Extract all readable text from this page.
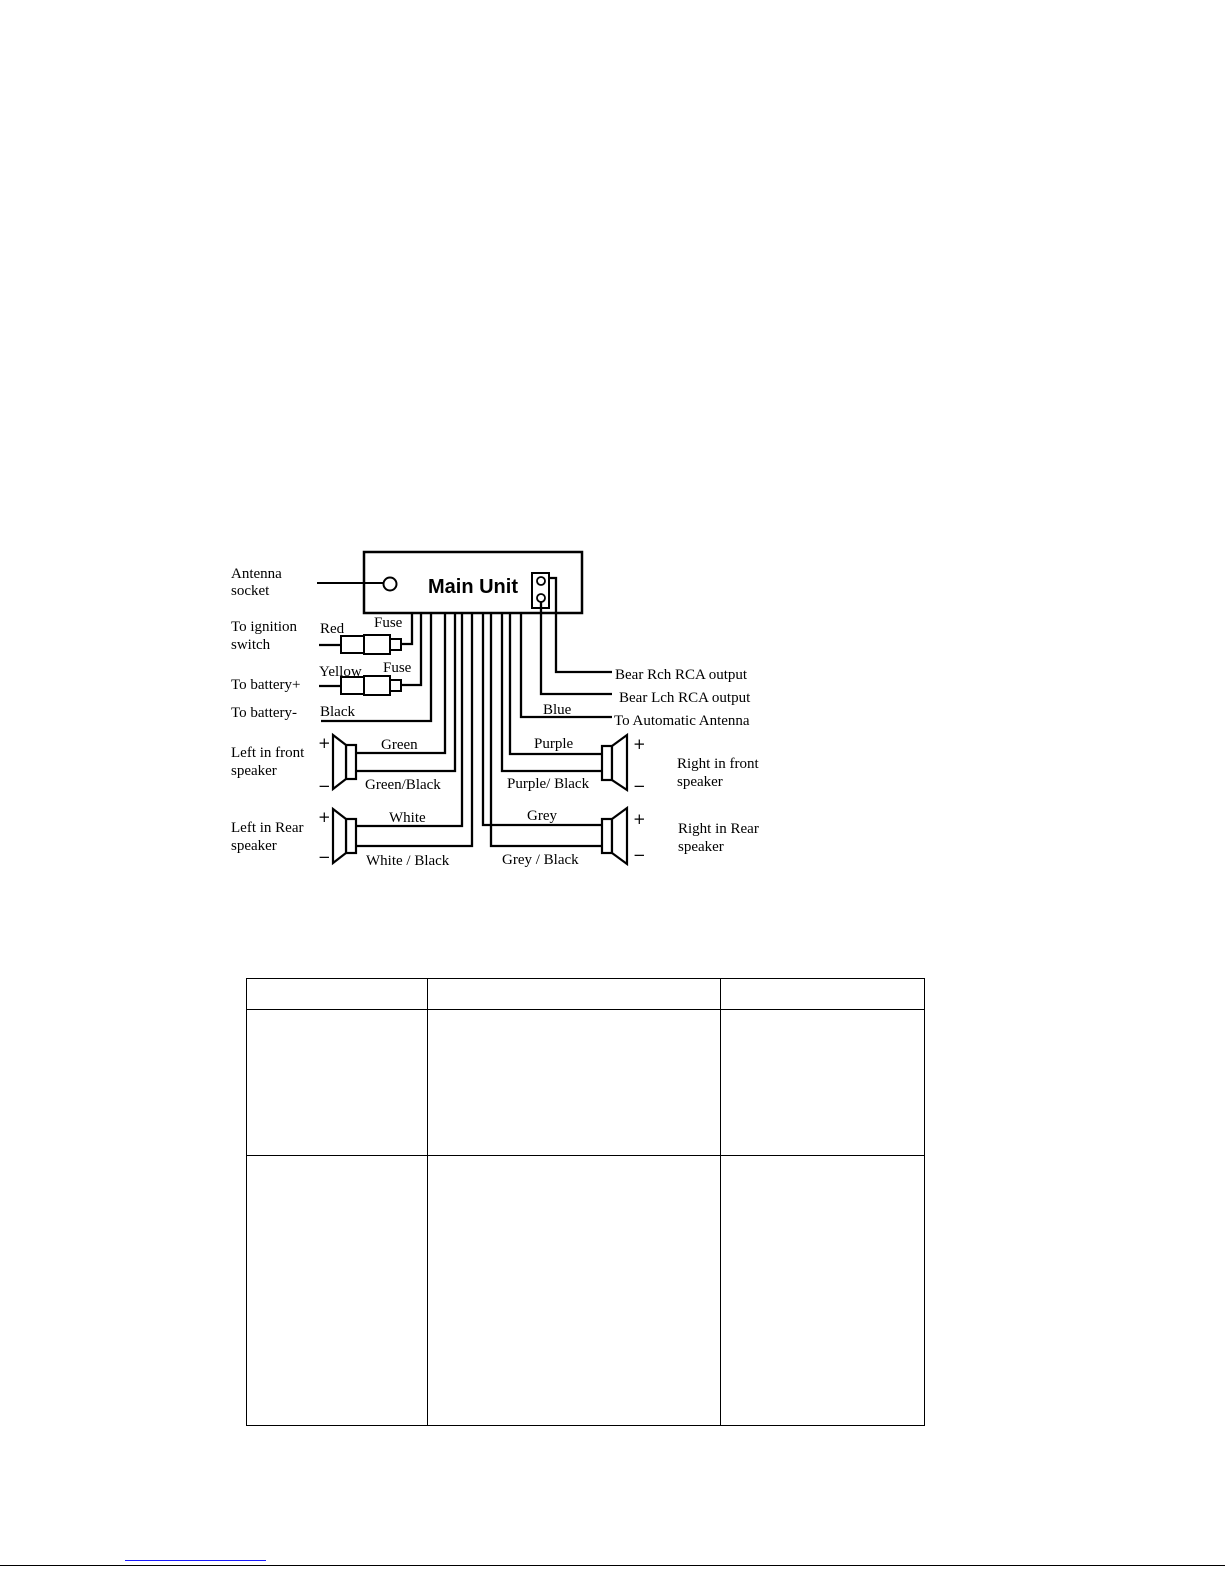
Main Unit
+
−
+
−
+
−
+
−
Antenna
socket
To ignition
switch
To battery+
To battery-
Left in front
speaker
Left in Rear
speaker
Red Fuse
Yellow Fuse
Black
Green
Green/Black
White
White / Black
Blue
Purple
Purple/ Black
Grey
Grey / Black
Bear Rch RCA output
Bear Lch RCA output
To Automatic Antenna
Right in front
speaker
Right in Rear
speaker
